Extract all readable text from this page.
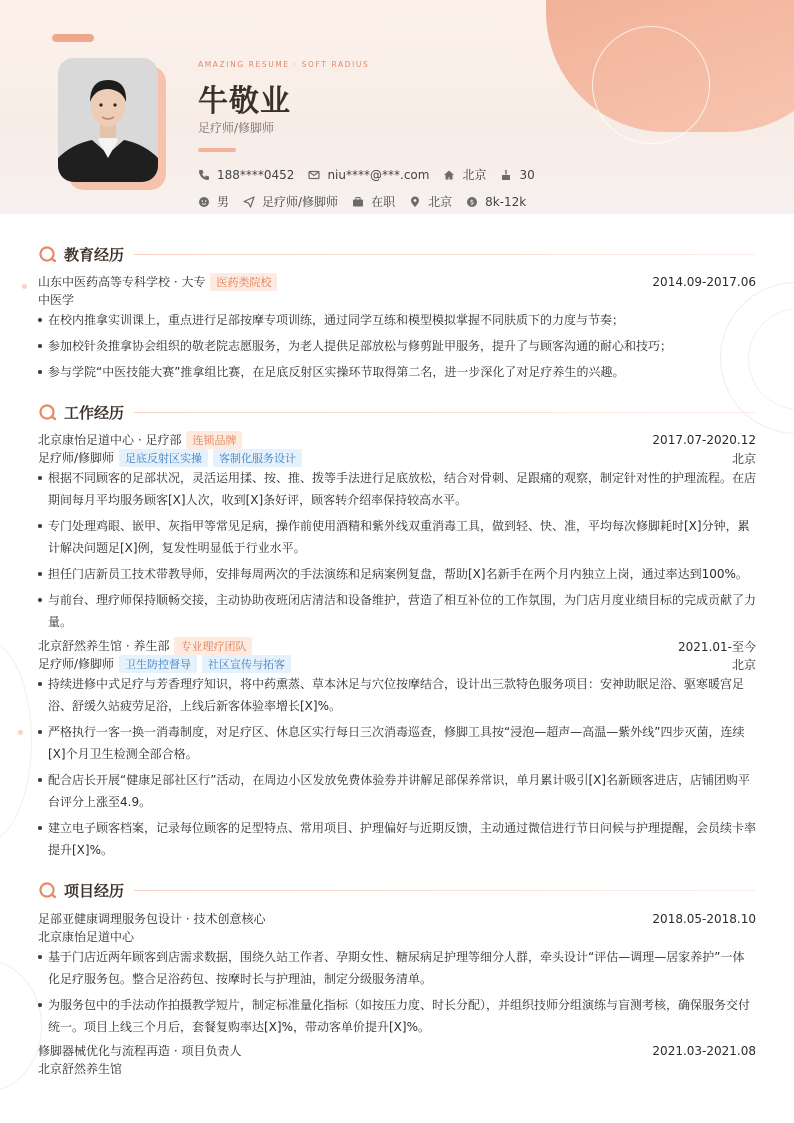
AMAZING RESUME · SOFT RADIUS
牛敬业
足疗师/修脚师
188****0452	niu****@***.com	北京	30
男	足疗师/修脚师	在职	北京	$ 8k-12k
教育经历
山东中医药高等专科学校 · 大专 医药类院校	2014.09-2017.06
中医学
在校内推拿实训课上，重点进行足部按摩专项训练，通过同学互练和模型模拟掌握不同肤质下的力度与节奏；
参加校针灸推拿协会组织的敬老院志愿服务，为老人提供足部放松与修剪趾甲服务，提升了与顾客沟通的耐心和技巧；
参与学院“中医技能大赛”推拿组比赛，在足底反射区实操环节取得第二名，进一步深化了对足疗养生的兴趣。
工作经历
北京康怡足道中心 · 足疗部 连锁品牌	2017.07-2020.12
足疗师/修脚师 足底反射区实操 客制化服务设计	北京
根据不同顾客的足部状况，灵活运用揉、按、推、拨等手法进行足底放松，结合对骨刺、足跟痛的观察，制定针对性的护理流程。在店期间每月平均服务顾客[X]人次，收到[X]条好评，顾客转介绍率保持较高水平。
专门处理鸡眼、嵌甲、灰指甲等常见足病，操作前使用酒精和紫外线双重消毒工具，做到轻、快、准，平均每次修脚耗时[X]分钟，累计解决问题足[X]例，复发性明显低于行业水平。
担任门店新员工技术带教导师，安排每周两次的手法演练和足病案例复盘，帮助[X]名新手在两个月内独立上岗，通过率达到100%。
与前台、理疗师保持顺畅交接，主动协助夜班闭店清洁和设备维护，营造了相互补位的工作氛围，为门店月度业绩目标的完成贡献了力量。
北京舒然养生馆 · 养生部 专业理疗团队	2021.01-至今
足疗师/修脚师 卫生防控督导 社区宣传与拓客	北京
持续进修中式足疗与芳香理疗知识，将中药熏蒸、草本沐足与穴位按摩结合，设计出三款特色服务项目：安神助眠足浴、驱寒暖宫足浴、舒缓久站疲劳足浴，上线后新客体验率增长[X]%。
严格执行一客一换一消毒制度，对足疗区、休息区实行每日三次消毒巡查，修脚工具按“浸泡—超声—高温—紫外线”四步灭菌，连续[X]个月卫生检测全部合格。
配合店长开展“健康足部社区行”活动，在周边小区发放免费体验券并讲解足部保养常识，单月累计吸引[X]名新顾客进店，店铺团购平台评分上涨至4.9。
建立电子顾客档案，记录每位顾客的足型特点、常用项目、护理偏好与近期反馈，主动通过微信进行节日问候与护理提醒，会员续卡率提升[X]%。
项目经历
足部亚健康调理服务包设计 · 技术创意核心	2018.05-2018.10
北京康怡足道中心
基于门店近两年顾客到店需求数据，围绕久站工作者、孕期女性、糖尿病足护理等细分人群，牵头设计“评估—调理—居家养护”一体化足疗服务包。整合足浴药包、按摩时长与护理油，制定分级服务清单。
为服务包中的手法动作拍摄教学短片，制定标准量化指标（如按压力度、时长分配），并组织技师分组演练与盲测考核，确保服务交付统一。项目上线三个月后，套餐复购率达[X]%，带动客单价提升[X]%。
修脚器械优化与流程再造 · 项目负责人	2021.03-2021.08
北京舒然养生馆
